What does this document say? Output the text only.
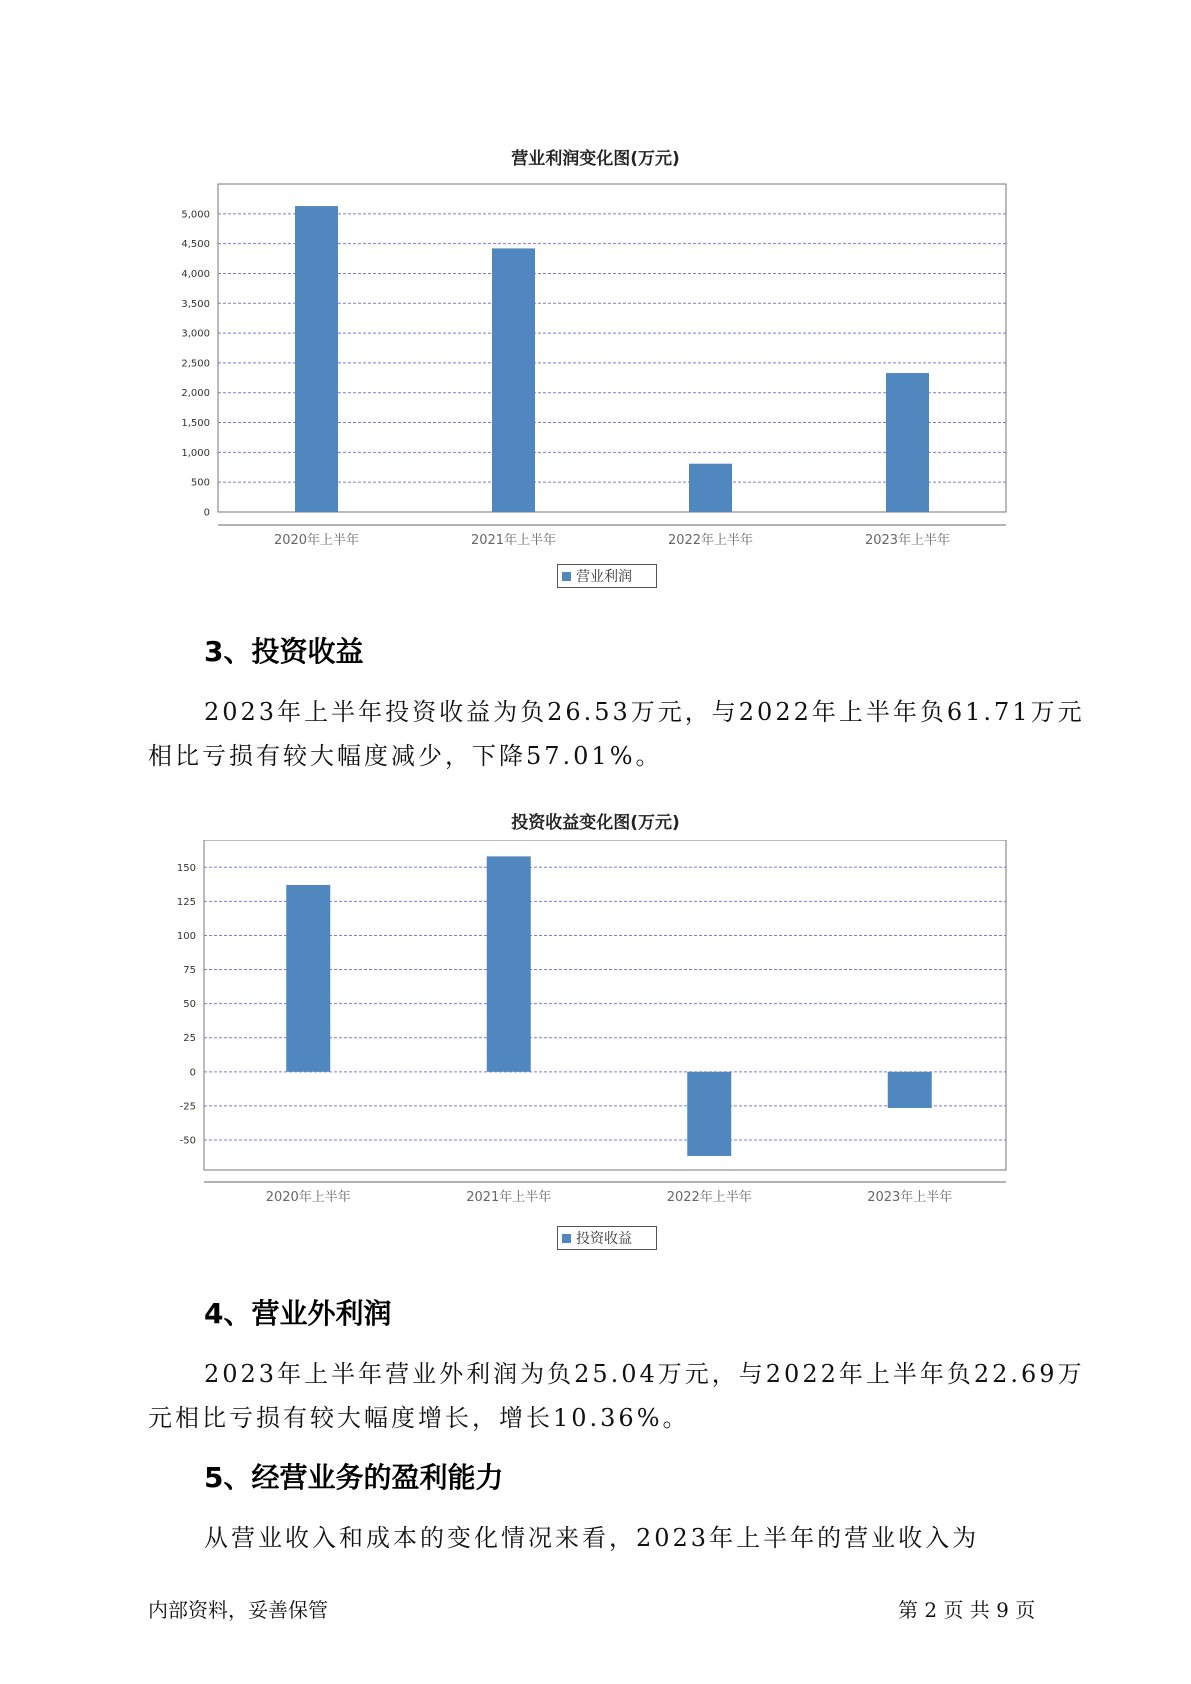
营业利润变化图(万元)
0
500
1,000
1,500
2,000
2,500
3,000
3,500
4,000
4,500
5,000
2020年上半年	2021年上半年	2022年上半年	2023年上半年
营业利润
3、投资收益
2023年上半年投资收益为负26.53万元，与2022年上半年负61.71万元
相比亏损有较大幅度减少，下降57.01%。
投资收益变化图(万元)
-50
-25
0
25
50
75
100
125
150
2020年上半年	2021年上半年	2022年上半年	2023年上半年
投资收益
4、营业外利润
2023年上半年营业外利润为负25.04万元，与2022年上半年负22.69万
元相比亏损有较大幅度增长，增长10.36%。
5、经营业务的盈利能力
从营业收入和成本的变化情况来看，2023年上半年的营业收入为
内部资料，妥善保管	第 2 页 共 9 页
